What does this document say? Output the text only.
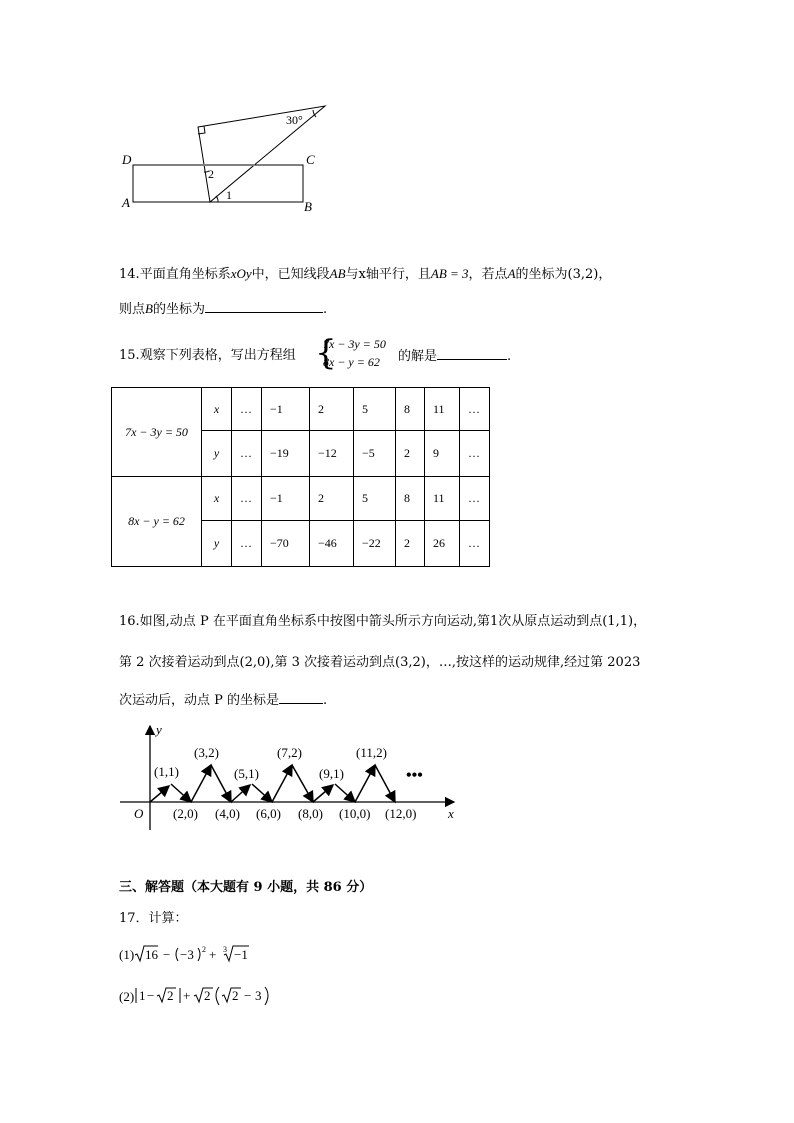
D	C
A	B
30°
1
2
14.平面直角坐标系xOy中，已知线段AB与x轴平行，且AB = 3，若点A的坐标为(3,2)，
则点B的坐标为	.
15.观察下列表格，写出方程组 {
7x − 3y = 50
8x − y = 62	的解是	.
7x − 3y = 50	x	…	−1	2	5	8	11	…
	y	…	−19	−12	−5	2	9	…
8x − y = 62	x	…	−1	2	5	8	11	…
	y	…	−70	−46	−22	2	26	…
16.如图,动点 P 在平面直角坐标系中按图中箭头所示方向运动,第1次从原点运动到点(1,1)，
第 2 次接着运动到点(2,0),第 3 次接着运动到点(3,2)，…,按这样的运动规律,经过第 2023
次运动后，动点 P 的坐标是	.
y
x
O
(1,1)
(3,2)
(5,1)
(7,2)
(9,1)
(11,2)
(2,0) (4,0) (6,0) (8,0) (10,0) (12,0)
•••
三、解答题（本大题有 9 小题，共 86 分）
17．计算：
(1) 16 − −3 2 + 3 −1
(2) 1 − 2 + 2 2 − 3
